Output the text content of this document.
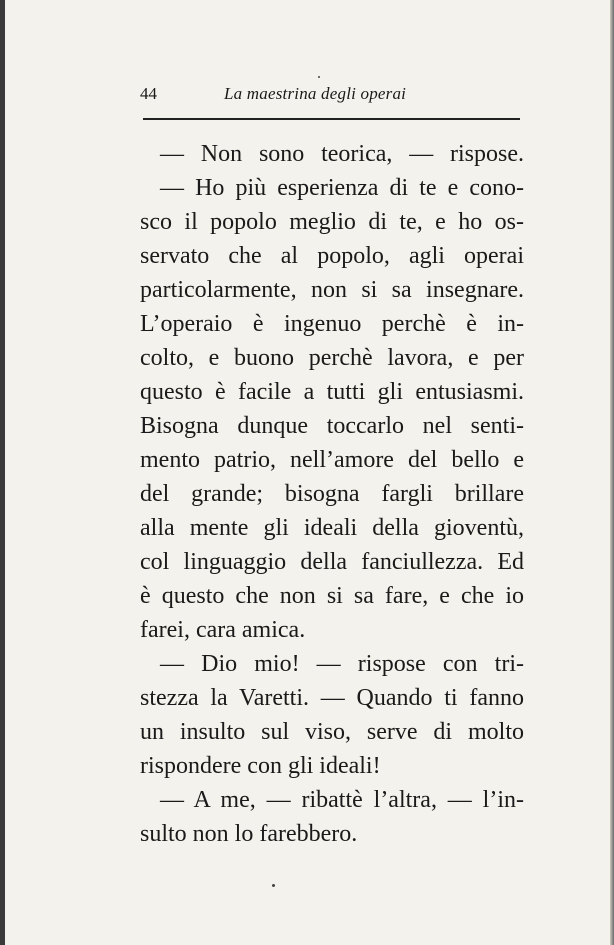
44	La maestrina degli operai
— Non sono teorica, — rispose.
— Ho più esperienza di te e cono-
sco il popolo meglio di te, e ho os-
servato che al popolo, agli operai
particolarmente, non si sa insegnare.
L’operaio è ingenuo perchè è in-
colto, e buono perchè lavora, e per
questo è facile a tutti gli entusiasmi.
Bisogna dunque toccarlo nel senti-
mento patrio, nell’amore del bello e
del grande; bisogna fargli brillare
alla mente gli ideali della gioventù,
col linguaggio della fanciullezza. Ed
è questo che non si sa fare, e che io
farei, cara amica.
— Dio mio! — rispose con tri-
stezza la Varetti. — Quando ti fanno
un insulto sul viso, serve di molto
rispondere con gli ideali!
— A me, — ribattè l’altra, — l’in-
sulto non lo farebbero.
